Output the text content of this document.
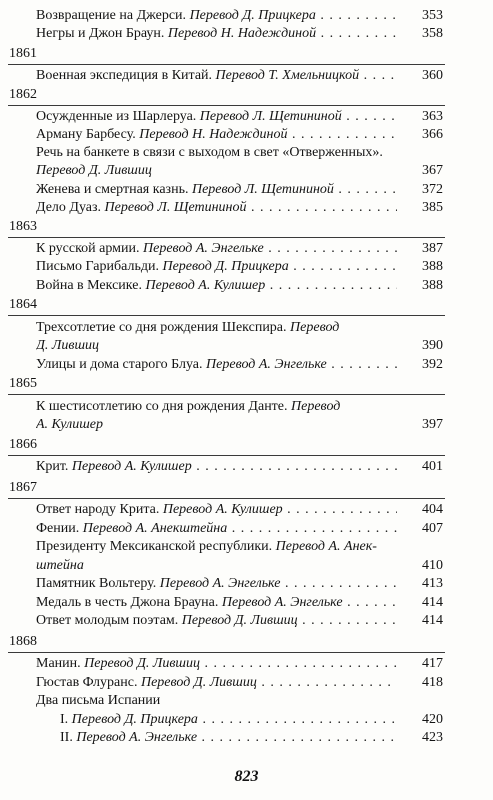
Возвращение на Джерси. Перевод Д. Прицкера . . .	353
Негры и Джон Браун. Перевод Н. Надеждиной . . .	358
1861
Военная экспедиция в Китай. Перевод Т. Хмельницкой . . .	360
1862
Осужденные из Шарлеруа. Перевод Л. Щетининой . . .	363
Арману Барбесу. Перевод Н. Надеждиной . . .	366
Речь на банкете в связи с выходом в свет «Отверженных».
Перевод Д. Лившиц	367
Женева и смертная казнь. Перевод Л. Щетининой . . .	372
Дело Дуаз. Перевод Л. Щетининой . . .	385
1863
К русской армии. Перевод А. Энгельке . . .	387
Письмо Гарибальди. Перевод Д. Прицкера . . .	388
Война в Мексике. Перевод А. Кулишер . . .	388
1864
Трехсотлетие со дня рождения Шекспира. Перевод
Д. Лившиц	390
Улицы и дома старого Блуа. Перевод А. Энгельке . . .	392
1865
К шестисотлетию со дня рождения Данте. Перевод
А. Кулишер	397
1866
Крит. Перевод А. Кулишер . . .	401
1867
Ответ народу Крита. Перевод А. Кулишер . . .	404
Фении. Перевод А. Анекштейна . . .	407
Президенту Мексиканской республики. Перевод А. Анек-
штейна	410
Памятник Вольтеру. Перевод А. Энгельке . . .	413
Медаль в честь Джона Брауна. Перевод А. Энгельке . . .	414
Ответ молодым поэтам. Перевод Д. Лившиц . . .	414
1868
Манин. Перевод Д. Лившиц . . .	417
Гюстав Флуранс. Перевод Д. Лившиц . . .	418
Два письма Испании
I. Перевод Д. Прицкера . . .	420
II. Перевод А. Энгельке . . .	423
823
